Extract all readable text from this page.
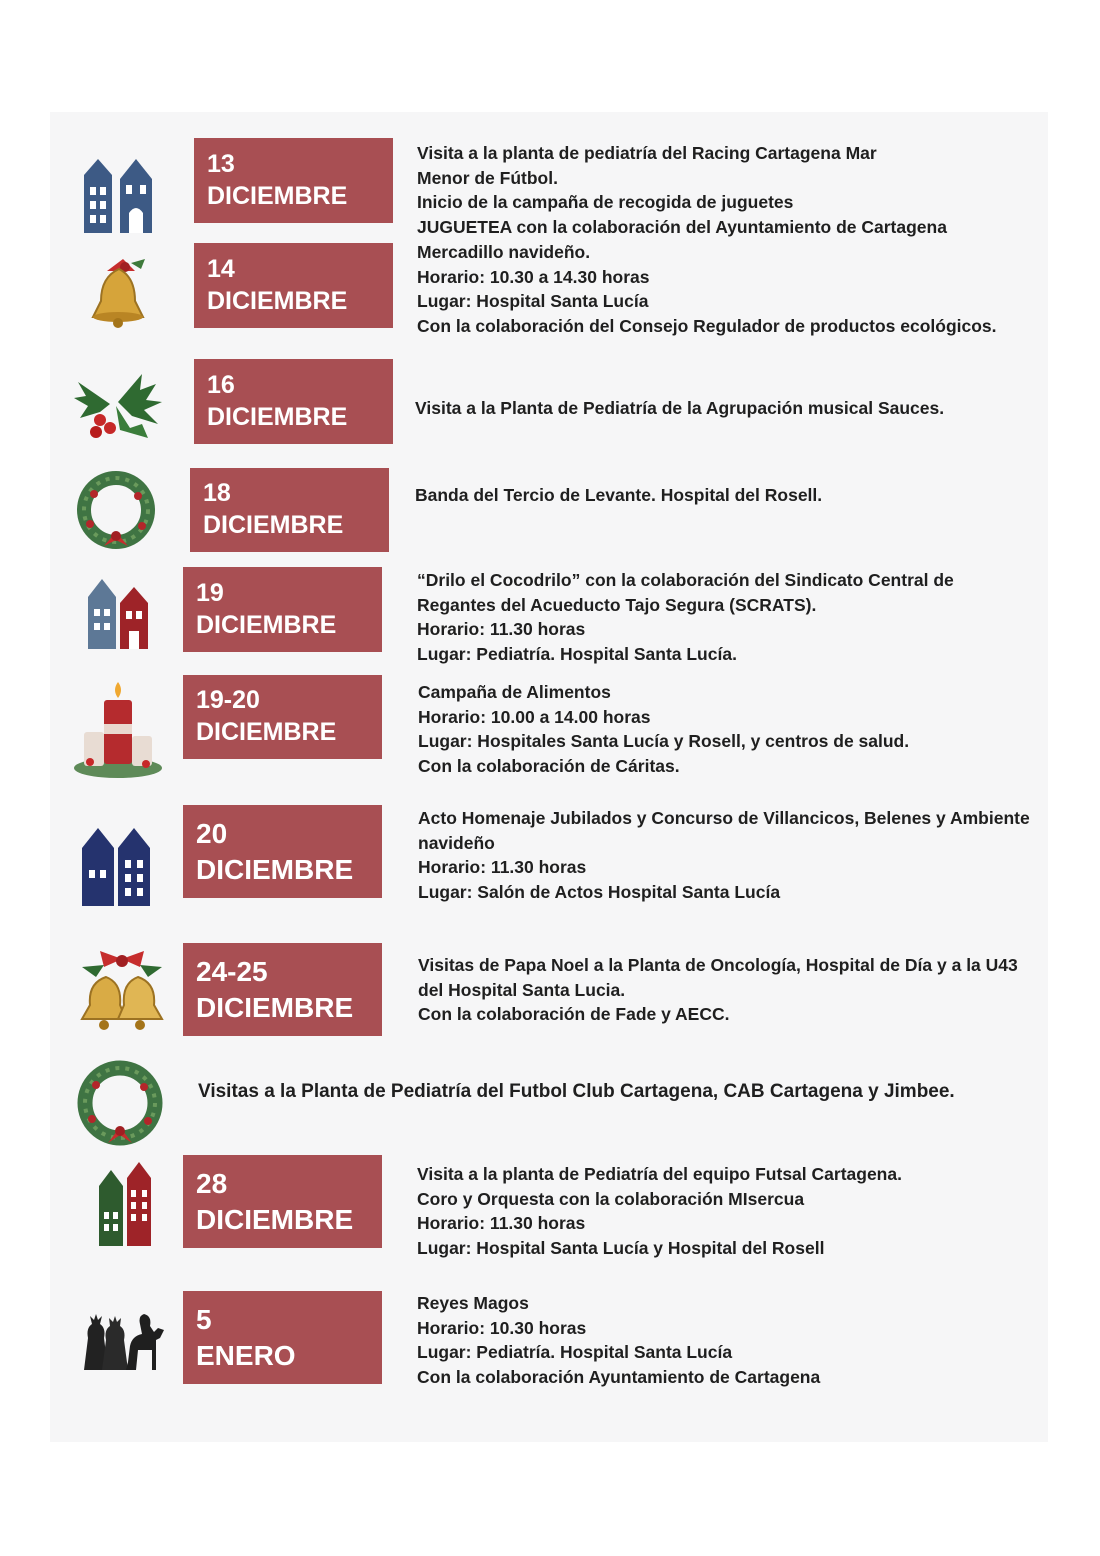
13
DICIEMBRE
Visita a la planta de pediatría del Racing Cartagena Mar
Menor de Fútbol.
Inicio de la campaña de recogida de juguetes
JUGUETEA con la colaboración del Ayuntamiento de Cartagena
14
DICIEMBRE
Mercadillo navideño.
Horario: 10.30 a 14.30 horas
Lugar: Hospital Santa Lucía
Con la colaboración del Consejo Regulador de productos ecológicos.
16
DICIEMBRE	Visita a la Planta de Pediatría de la Agrupación musical Sauces.
18
DICIEMBRE
Banda del Tercio de Levante. Hospital del Rosell.
19
DICIEMBRE
“Drilo el Cocodrilo” con la colaboración del Sindicato Central de
Regantes del Acueducto Tajo Segura (SCRATS).
Horario: 11.30 horas
Lugar: Pediatría. Hospital Santa Lucía.
19-20
DICIEMBRE
Campaña de Alimentos
Horario: 10.00 a 14.00 horas
Lugar: Hospitales Santa Lucía y Rosell, y centros de salud.
Con la colaboración de Cáritas.
20
DICIEMBRE
Acto Homenaje Jubilados y Concurso de Villancicos, Belenes y Ambiente
navideño
Horario: 11.30 horas
Lugar: Salón de Actos Hospital Santa Lucía
24-25
DICIEMBRE
Visitas de Papa Noel a la Planta de Oncología, Hospital de Día y a la U43
del Hospital Santa Lucia.
Con la colaboración de Fade y AECC.
Visitas a la Planta de Pediatría del Futbol Club Cartagena, CAB Cartagena y Jimbee.
28
DICIEMBRE
Visita a la planta de Pediatría del equipo Futsal Cartagena.
Coro y Orquesta con la colaboración MIsercua
Horario: 11.30 horas
Lugar: Hospital Santa Lucía y Hospital del Rosell
5
ENERO
Reyes Magos
Horario: 10.30 horas
Lugar: Pediatría. Hospital Santa Lucía
Con la colaboración Ayuntamiento de Cartagena
